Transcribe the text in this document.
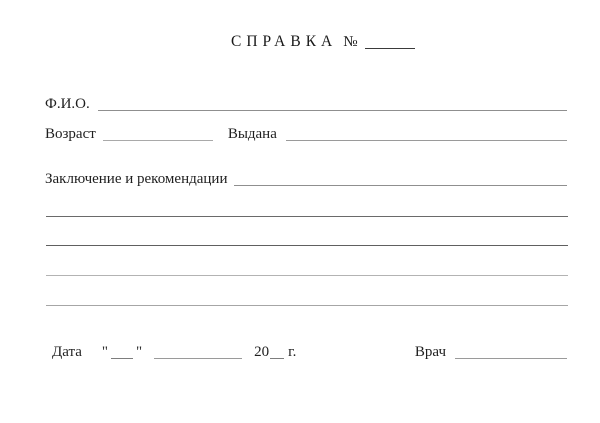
СПРАВКА №
Ф.И.О.
Возраст	Выдана
Заключение и рекомендации
Дата " "	20 г.	Врач
